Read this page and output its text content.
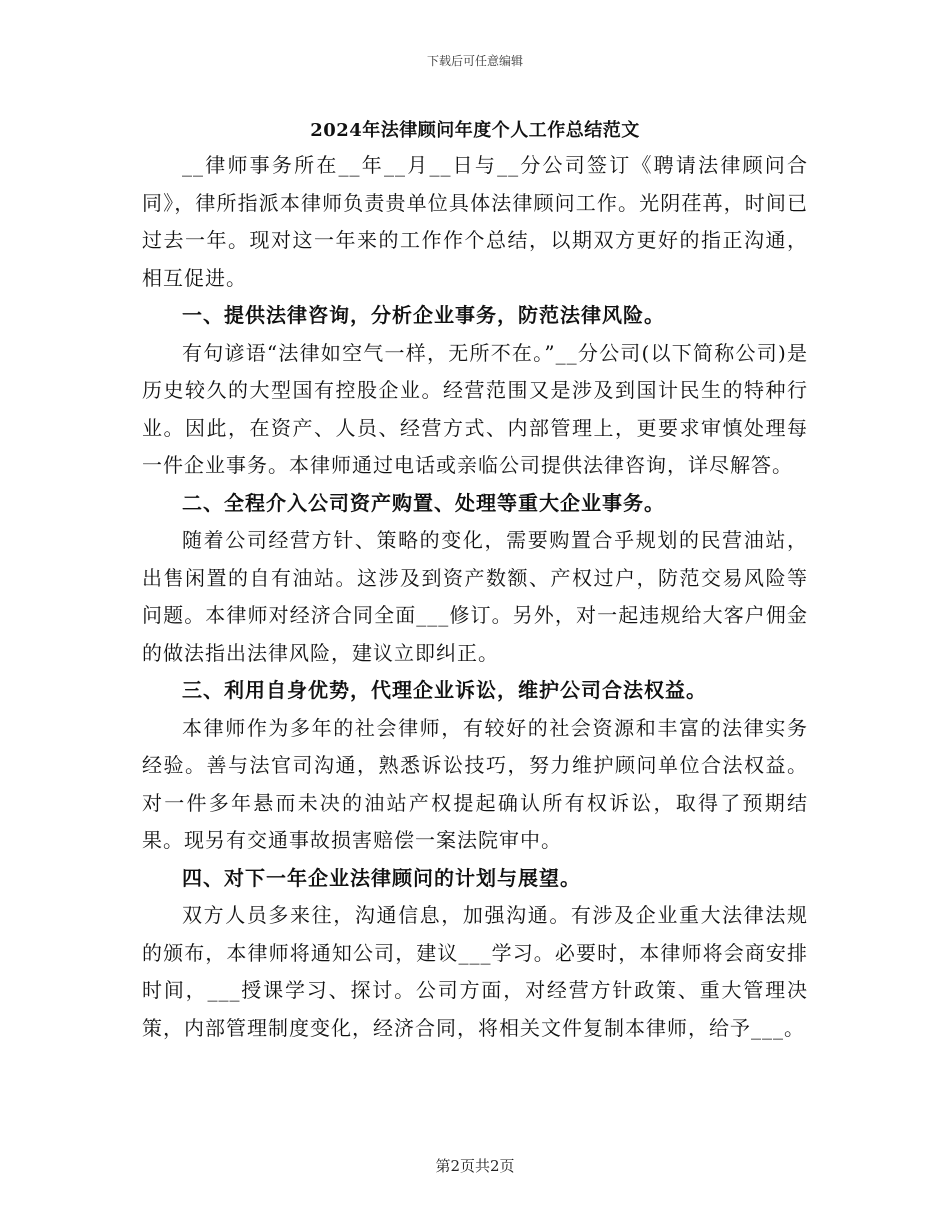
下载后可任意编辑
2024年法律顾问年度个人工作总结范文

__律师事务所在__年__月__日与__分公司签订《聘请法律顾问合同》，律所指派本律师负责贵单位具体法律顾问工作。光阴荏苒，时间已过去一年。现对这一年来的工作作个总结，以期双方更好的指正沟通，相互促进。

一、提供法律咨询，分析企业事务，防范法律风险。

有句谚语“法律如空气一样，无所不在。”__分公司(以下简称公司)是历史较久的大型国有控股企业。经营范围又是涉及到国计民生的特种行业。因此，在资产、人员、经营方式、内部管理上，更要求审慎处理每一件企业事务。本律师通过电话或亲临公司提供法律咨询，详尽解答。

二、全程介入公司资产购置、处理等重大企业事务。

随着公司经营方针、策略的变化，需要购置合乎规划的民营油站，出售闲置的自有油站。这涉及到资产数额、产权过户，防范交易风险等问题。本律师对经济合同全面___修订。另外，对一起违规给大客户佣金的做法指出法律风险，建议立即纠正。

三、利用自身优势，代理企业诉讼，维护公司合法权益。

本律师作为多年的社会律师，有较好的社会资源和丰富的法律实务经验。善与法官司沟通，熟悉诉讼技巧，努力维护顾问单位合法权益。对一件多年悬而未决的油站产权提起确认所有权诉讼，取得了预期结果。现另有交通事故损害赔偿一案法院审中。

四、对下一年企业法律顾问的计划与展望。

双方人员多来往，沟通信息，加强沟通。有涉及企业重大法律法规的颁布，本律师将通知公司，建议___学习。必要时，本律师将会商安排时间，___授课学习、探讨。公司方面，对经营方针政策、重大管理决策，内部管理制度变化，经济合同，将相关文件复制本律师，给予___。

第2页共2页
